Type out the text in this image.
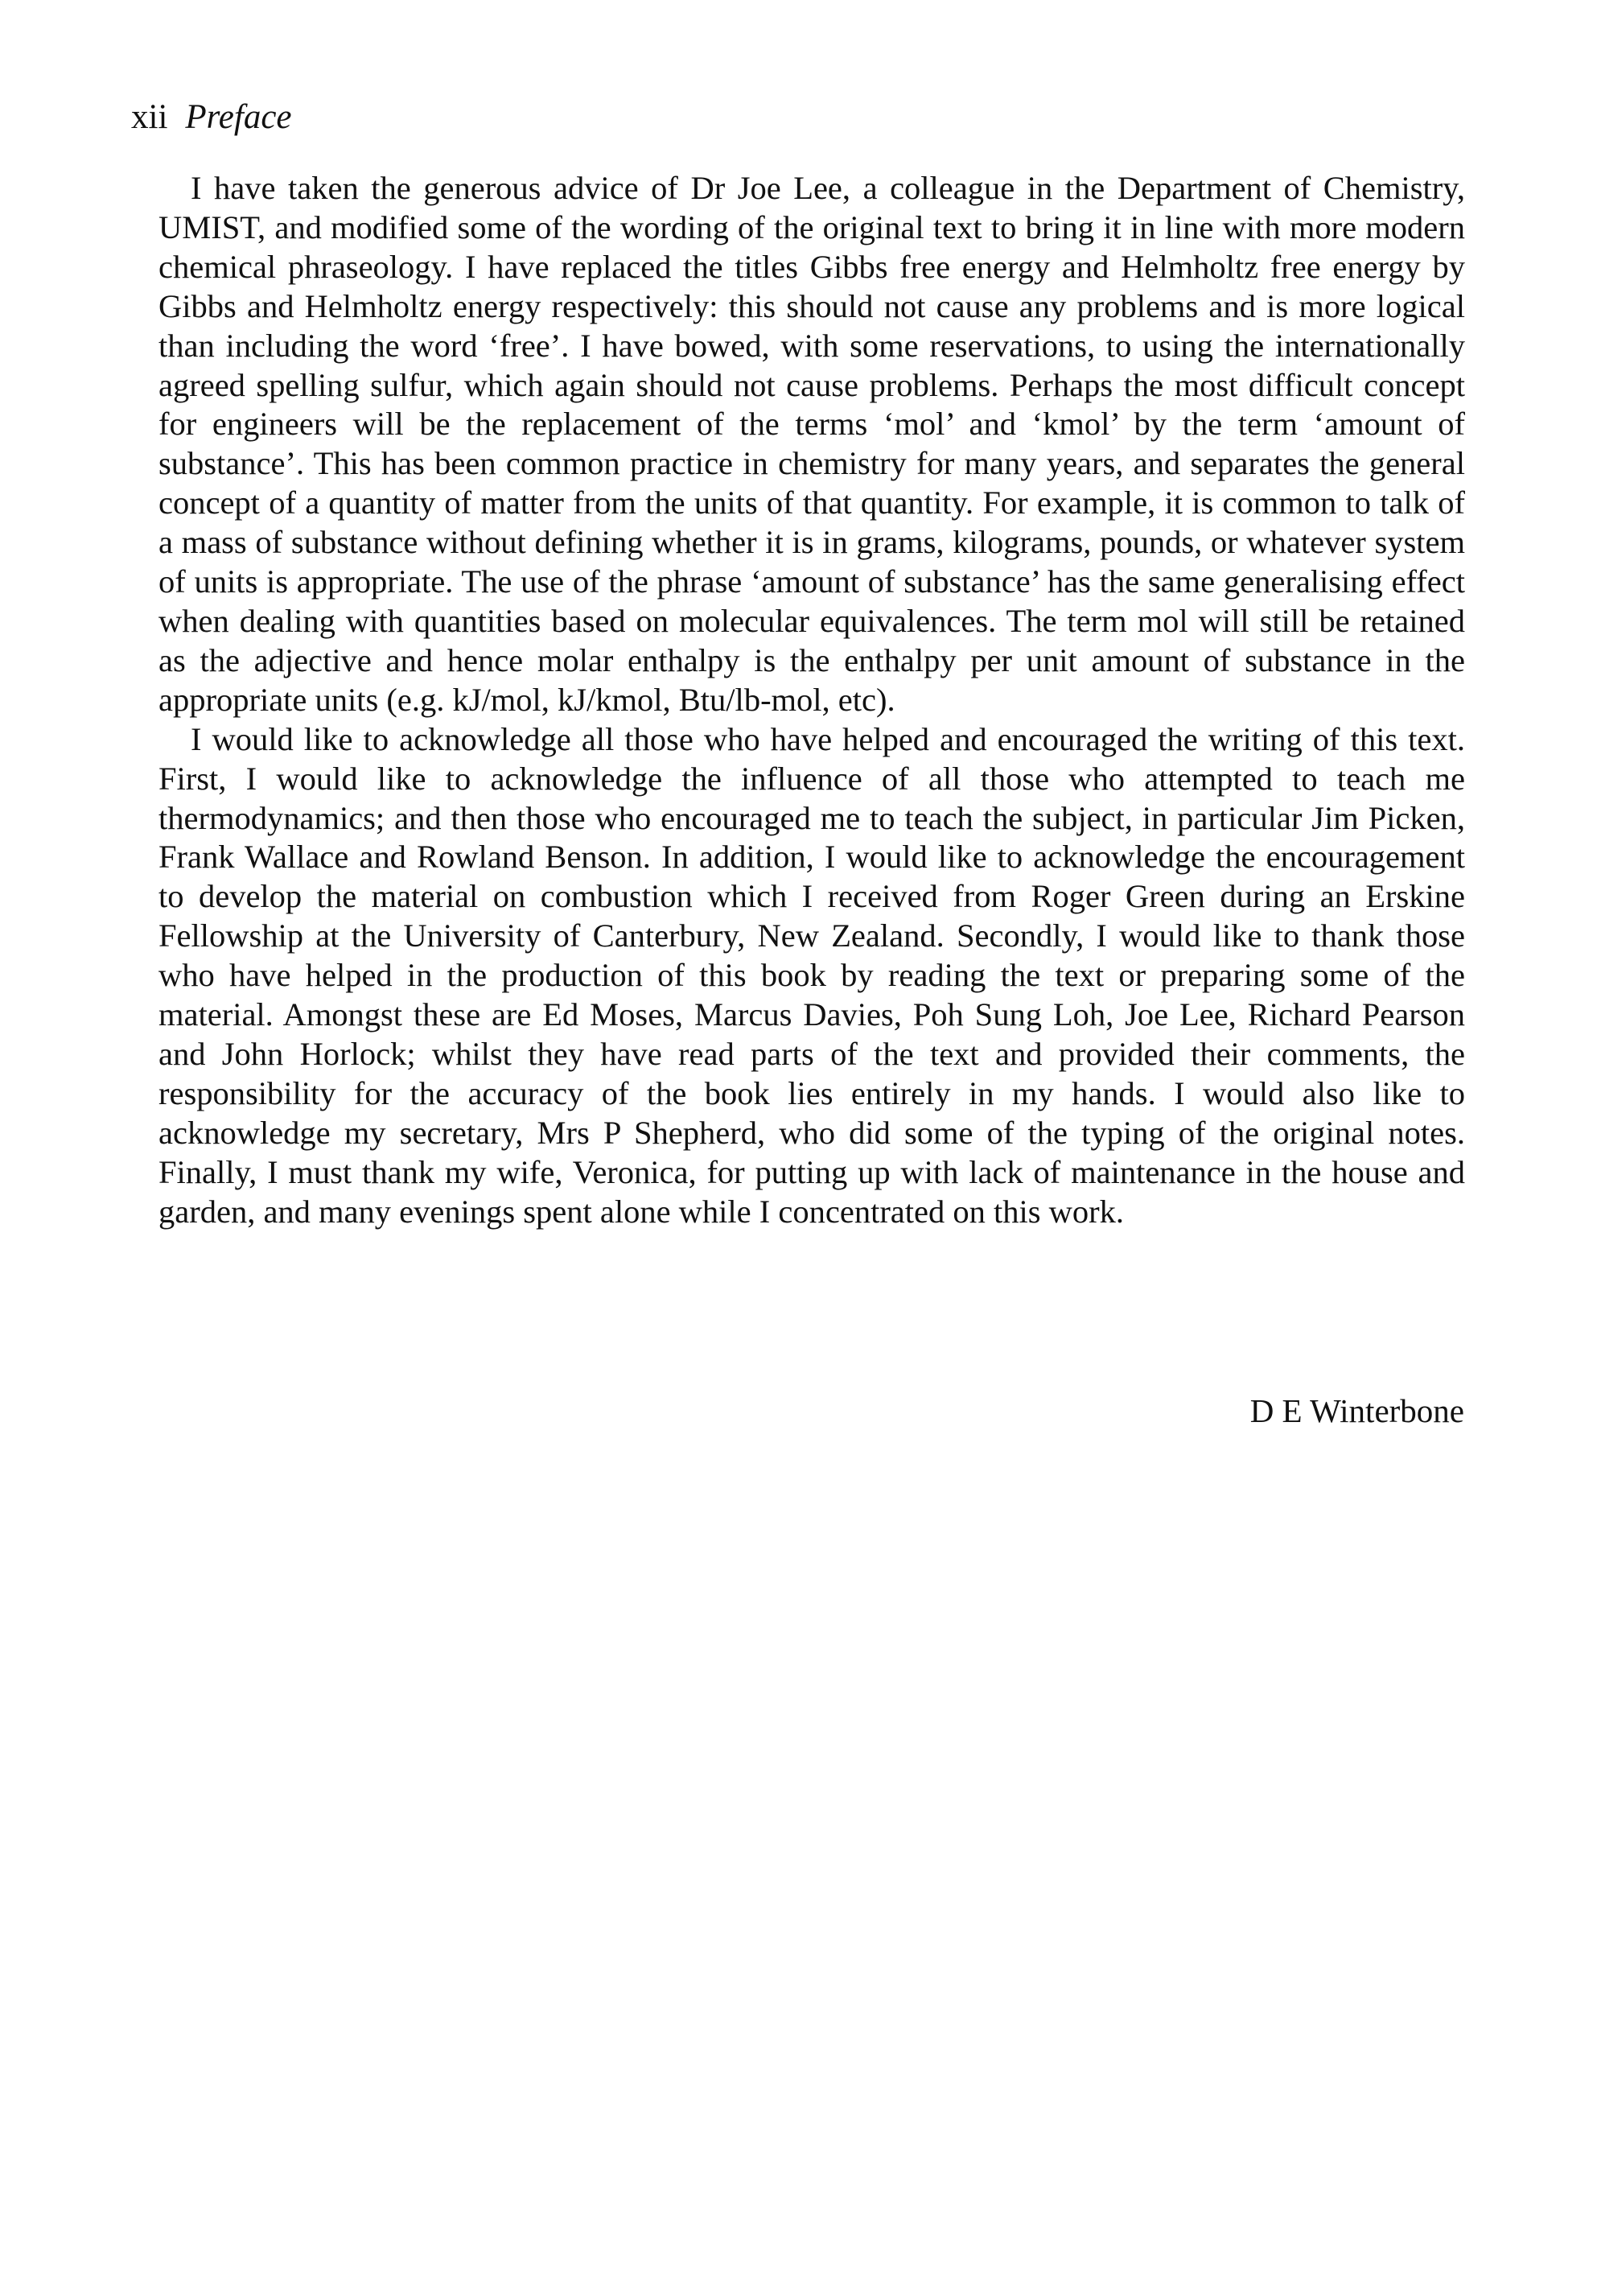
xii Preface

I have taken the generous advice of Dr Joe Lee, a colleague in the Department of Chemistry, UMIST, and modified some of the wording of the original text to bring it in line with more modern chemical phraseology. I have replaced the titles Gibbs free energy and Helmholtz free energy by Gibbs and Helmholtz energy respectively: this should not cause any problems and is more logical than including the word ‘free’. I have bowed, with some reservations, to using the internationally agreed spelling sulfur, which again should not cause problems. Perhaps the most difficult concept for engineers will be the replacement of the terms ‘mol’ and ‘kmol’ by the term ‘amount of substance’. This has been common practice in chemistry for many years, and separates the general concept of a quantity of matter from the units of that quantity. For example, it is common to talk of a mass of substance without defining whether it is in grams, kilograms, pounds, or whatever system of units is appropriate. The use of the phrase ‘amount of substance’ has the same generalising effect when dealing with quantities based on molecular equivalences. The term mol will still be retained as the adjective and hence molar enthalpy is the enthalpy per unit amount of substance in the appropriate units (e.g. kJ/mol, kJ/kmol, Btu/lb-mol, etc).

I would like to acknowledge all those who have helped and encouraged the writing of this text. First, I would like to acknowledge the influence of all those who attempted to teach me thermodynamics; and then those who encouraged me to teach the subject, in particular Jim Picken, Frank Wallace and Rowland Benson. In addition, I would like to acknowledge the encouragement to develop the material on combustion which I received from Roger Green during an Erskine Fellowship at the University of Canterbury, New Zealand. Secondly, I would like to thank those who have helped in the production of this book by reading the text or preparing some of the material. Amongst these are Ed Moses, Marcus Davies, Poh Sung Loh, Joe Lee, Richard Pearson and John Horlock; whilst they have read parts of the text and provided their comments, the responsibility for the accuracy of the book lies entirely in my hands. I would also like to acknowledge my secretary, Mrs P Shepherd, who did some of the typing of the original notes. Finally, I must thank my wife, Veronica, for putting up with lack of maintenance in the house and garden, and many evenings spent alone while I concentrated on this work.

D E Winterbone
